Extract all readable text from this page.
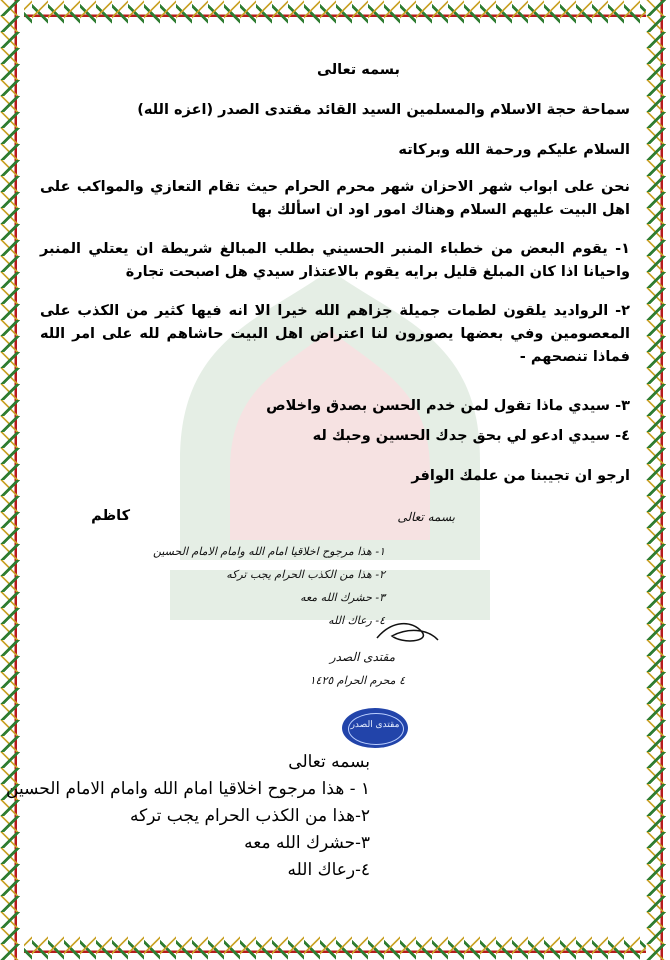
بسمه تعالى
سماحة حجة الاسلام والمسلمين السيد القائد مقتدى الصدر (اعزه الله)
السلام عليكم ورحمة الله وبركاته
نحن على ابواب شهر الاحزان شهر محرم الحرام حيث تقام التعازي والمواكب على اهل البيت عليهم السلام وهناك امور اود ان اسألك بها
١- يقوم البعض من خطباء المنبر الحسيني بطلب المبالغ شريطة ان يعتلي المنبر واحيانا اذا كان المبلغ قليل برايه يقوم بالاعتذار سيدي هل اصبحت تجارة
٢- الروادید يلقون لطمات جميلة جزاهم الله خيرا الا انه فيها كثير من الكذب على المعصومين وفي بعضها يصورون لنا اعتراض اهل البيت حاشاهم لله على امر الله فماذا تنصحهم -
٣- سيدي ماذا تقول لمن خدم الحسن بصدق واخلاص
٤- سيدي ادعو لي بحق جدك الحسين وحبك له
ارجو ان تجيبنا من علمك الوافر
كاظم	بسمه تعالى
١- هذا مرجوح اخلاقيا امام الله وامام الامام الحسين
٢- هذا من الكذب الحرام يجب تركه
٣- حشرك الله معه
٤- رعاك الله
مقتدى الصدر
٤ محرم الحرام ١٤٢٥
مقتدى الصدر
بسمه تعالى
١ - هذا مرجوح اخلاقيا امام الله وامام الامام الحسين
٢-هذا من الكذب الحرام يجب تركه
٣-حشرك الله معه
٤-رعاك الله
